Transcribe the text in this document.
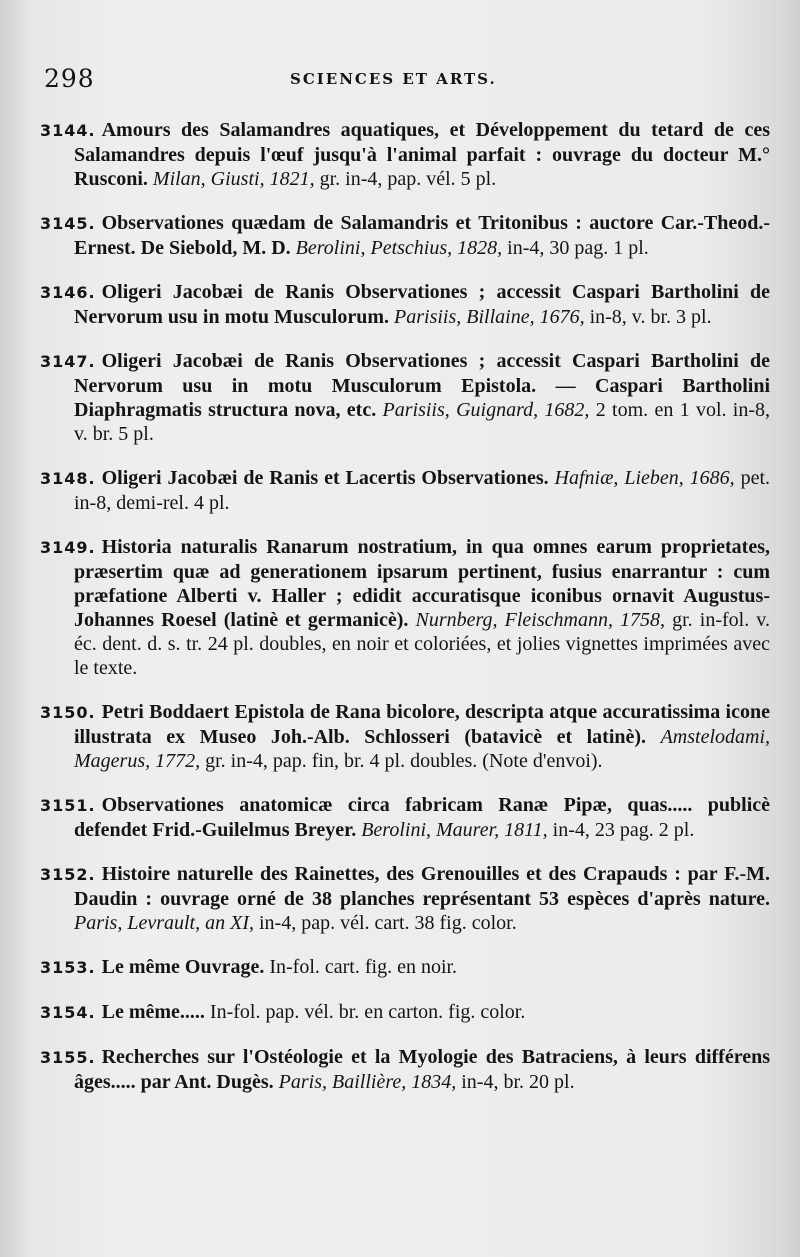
298	SCIENCES ET ARTS.

3144. Amours des Salamandres aquatiques, et Développement du tetard de ces Salamandres depuis l'œuf jusqu'à l'animal parfait : ouvrage du docteur M.° Rusconi. Milan, Giusti, 1821, gr. in-4, pap. vél. 5 pl.

3145. Observationes quædam de Salamandris et Tritonibus : auctore Car.-Theod.-Ernest. De Siebold, M. D. Berolini, Petschius, 1828, in-4, 30 pag. 1 pl.

3146. Oligeri Jacobæi de Ranis Observationes ; accessit Caspari Bartholini de Nervorum usu in motu Musculorum. Parisiis, Billaine, 1676, in-8, v. br. 3 pl.

3147. Oligeri Jacobæi de Ranis Observationes ; accessit Caspari Bartholini de Nervorum usu in motu Musculorum Epistola. — Caspari Bartholini Diaphragmatis structura nova, etc. Parisiis, Guignard, 1682, 2 tom. en 1 vol. in-8, v. br. 5 pl.

3148. Oligeri Jacobæi de Ranis et Lacertis Observationes. Hafniæ, Lieben, 1686, pet. in-8, demi-rel. 4 pl.

3149. Historia naturalis Ranarum nostratium, in qua omnes earum proprietates, præsertim quæ ad generationem ipsarum pertinent, fusius enarrantur : cum præfatione Alberti v. Haller ; edidit accuratisque iconibus ornavit Augustus-Johannes Roesel (latinè et germanicè). Nurnberg, Fleischmann, 1758, gr. in-fol. v. éc. dent. d. s. tr. 24 pl. doubles, en noir et coloriées, et jolies vignettes imprimées avec le texte.

3150. Petri Boddaert Epistola de Rana bicolore, descripta atque accuratissima icone illustrata ex Museo Joh.-Alb. Schlosseri (batavicè et latinè). Amstelodami, Magerus, 1772, gr. in-4, pap. fin, br. 4 pl. doubles. (Note d'envoi).

3151. Observationes anatomicæ circa fabricam Ranæ Pipæ, quas..... publicè defendet Frid.-Guilelmus Breyer. Berolini, Maurer, 1811, in-4, 23 pag. 2 pl.

3152. Histoire naturelle des Rainettes, des Grenouilles et des Crapauds : par F.-M. Daudin : ouvrage orné de 38 planches représentant 53 espèces d'après nature. Paris, Levrault, an XI, in-4, pap. vél. cart. 38 fig. color.

3153. Le même Ouvrage. In-fol. cart. fig. en noir.

3154. Le même..... In-fol. pap. vél. br. en carton. fig. color.

3155. Recherches sur l'Ostéologie et la Myologie des Batraciens, à leurs différens âges..... par Ant. Dugès. Paris, Baillière, 1834, in-4, br. 20 pl.
